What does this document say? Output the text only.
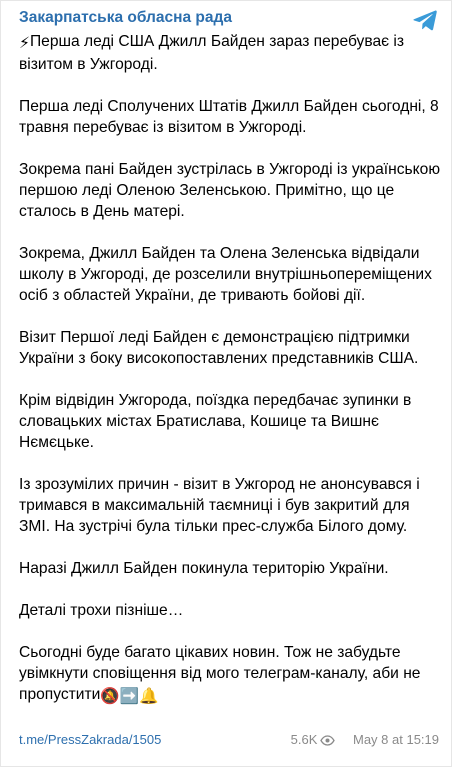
Закарпатська обласна рада

⚡Перша леді США Джилл Байден зараз перебуває із візитом в Ужгороді.

Перша леді Сполучених Штатів Джилл Байден сьогодні, 8 травня перебуває із візитом в Ужгороді.

Зокрема пані Байден зустрілась в Ужгороді із українською першою леді Оленою Зеленською. Примітно, що це сталось в День матері.

Зокрема, Джилл Байден та Олена Зеленська відвідали школу в Ужгороді, де розселили внутрішньопереміщених осіб з областей України, де тривають бойові дії.

Візит Першої леді Байден є демонстрацією підтримки України з боку високопоставлених представників США.

Крім відвідин Ужгорода, поїздка передбачає зупинки в словацьких містах Братислава, Кошице та Вишнє Нємєцьке.

Із зрозумілих причин - візит в Ужгород не анонсувався і тримався в максимальній таємниці і був закритий для ЗМІ. На зустрічі була тільки прес-служба Білого дому.

Наразі Джилл Байден покинула територію України.

Деталі трохи пізніше…

Сьогодні буде багато цікавих новин. Тож не забудьте увімкнути сповіщення від мого телеграм-каналу, аби не пропустити🔕➡️🔔

t.me/PressZakrada/1505	5.6K	May 8 at 15:19
